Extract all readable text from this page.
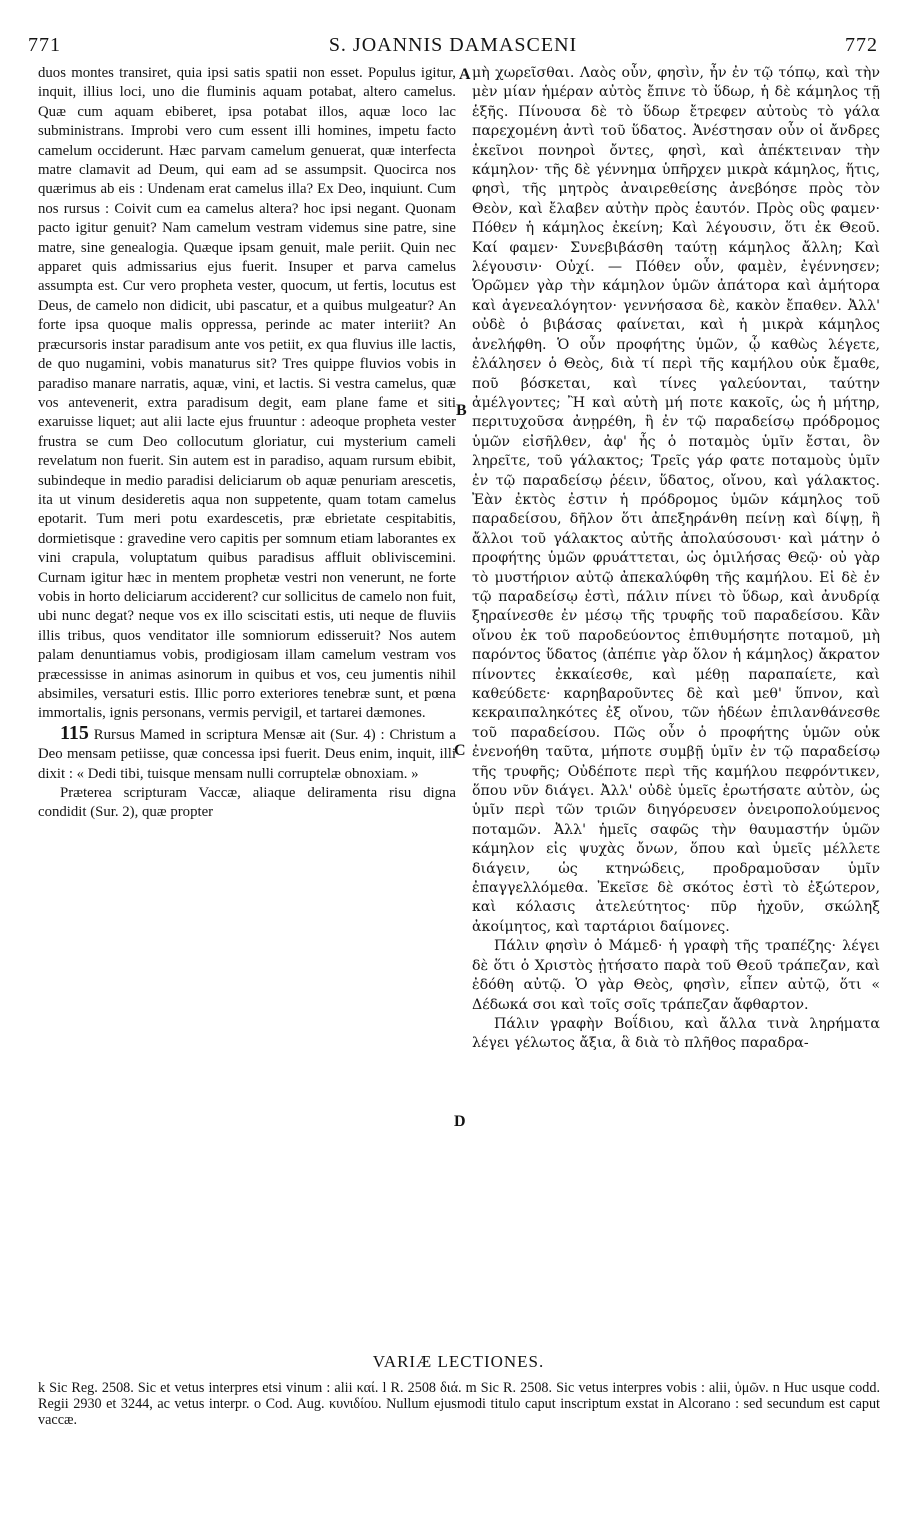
771	S. JOANNIS DAMASCENI	772
A
B
C
D

duos montes transiret, quia ipsi satis spatii non esset. Populus igitur, inquit, illius loci, uno die fluminis aquam potabat, altero camelus. Quæ cum aquam ebiberet, ipsa potabat illos, aquæ loco lac subministrans. Improbi vero cum essent illi homines, impetu facto camelum occiderunt. Hæc parvam camelum genuerat, quæ interfecta matre clamavit ad Deum, qui eam ad se assumpsit. Quocirca nos quærimus ab eis : Undenam erat camelus illa? Ex Deo, inquiunt. Cum nos rursus : Coivit cum ea camelus altera? hoc ipsi negant. Quonam pacto igitur genuit? Nam camelum vestram videmus sine patre, sine matre, sine genealogia. Quæque ipsam genuit, male periit. Quin nec apparet quis admissarius ejus fuerit. Insuper et parva camelus assumpta est. Cur vero propheta vester, quocum, ut fertis, locutus est Deus, de camelo non didicit, ubi pascatur, et a quibus mulgeatur? An forte ipsa quoque malis oppressa, perinde ac mater interiit? An præcursoris instar paradisum ante vos petiit, ex qua fluvius ille lactis, de quo nugamini, vobis manaturus sit? Tres quippe fluvios vobis in paradiso manare narratis, aquæ, vini, et lactis. Si vestra camelus, quæ vos antevenerit, extra paradisum degit, eam plane fame et siti exaruisse liquet; aut alii lacte ejus fruuntur : adeoque propheta vester frustra se cum Deo collocutum gloriatur, cui mysterium cameli revelatum non fuerit. Sin autem est in paradiso, aquam rursum ebibit, subindeque in medio paradisi deliciarum ob aquæ penuriam arescetis, ita ut vinum desideretis aqua non suppetente, quam totam camelus epotarit. Tum meri potu exardescetis, præ ebrietate cespitabitis, dormietisque : gravedine vero capitis per somnum etiam laborantes ex vini crapula, voluptatum quibus paradisus affluit obliviscemini. Curnam igitur hæc in mentem prophetæ vestri non venerunt, ne forte vobis in horto deliciarum acciderent? cur sollicitus de camelo non fuit, ubi nunc degat? neque vos ex illo sciscitati estis, uti neque de fluviis illis tribus, quos venditator ille somniorum edisseruit? Nos autem palam denuntiamus vobis, prodigiosam illam camelum vestram vos præcessisse in animas asinorum in quibus et vos, ceu jumentis nihil absimiles, versaturi estis. Illic porro exteriores tenebræ sunt, et pœna immortalis, ignis personans, vermis pervigil, et tartarei dæmones.

115 Rursus Mamed in scriptura Mensæ ait (Sur. 4) : Christum a Deo mensam petiisse, quæ concessa ipsi fuerit. Deus enim, inquit, illi dixit : « Dedi tibi, tuisque mensam nulli corruptelæ obnoxiam. »

Præterea scripturam Vaccæ, aliaque deliramenta risu digna condidit (Sur. 2), quæ propter

μὴ χωρεῖσθαι. Λαὸς οὖν, φησὶν, ἦν ἐν τῷ τόπῳ, καὶ τὴν μὲν μίαν ἡμέραν αὐτὸς ἔπινε τὸ ὕδωρ, ἡ δὲ κάμηλος τῇ ἑξῆς. Πίνουσα δὲ τὸ ὕδωρ ἔτρεφεν αὐτοὺς τὸ γάλα παρεχομένη ἀντὶ τοῦ ὕδατος. Ἀνέστησαν οὖν οἱ ἄνδρες ἐκεῖνοι πονηροὶ ὄντες, φησὶ, καὶ ἀπέκτειναν τὴν κάμηλον· τῆς δὲ γέννημα ὑπῆρχεν μικρὰ κάμηλος, ἥτις, φησὶ, τῆς μητρὸς ἀναιρεθείσης ἀνεβόησε πρὸς τὸν Θεὸν, καὶ ἔλαβεν αὐτὴν πρὸς ἑαυτόν. Πρὸς οὓς φαμεν· Πόθεν ἡ κάμηλος ἐκείνη; Καὶ λέγουσιν, ὅτι ἐκ Θεοῦ. Καί φαμεν· Συνεβιβάσθη ταύτῃ κάμηλος ἄλλη; Καὶ λέγουσιν· Οὐχί. — Πόθεν οὖν, φαμὲν, ἐγέννησεν; Ὁρῶμεν γὰρ τὴν κάμηλον ὑμῶν ἀπάτορα καὶ ἀμήτορα καὶ ἀγενεαλόγητον· γεννήσασα δὲ, κακὸν ἔπαθεν. Ἀλλ' οὐδὲ ὁ βιβάσας φαίνεται, καὶ ἡ μικρὰ κάμηλος ἀνελήφθη. Ὁ οὖν προφήτης ὑμῶν, ᾧ καθὼς λέγετε, ἐλάλησεν ὁ Θεὸς, διὰ τί περὶ τῆς καμήλου οὐκ ἔμαθε, ποῦ βόσκεται, καὶ τίνες γαλεύονται, ταύτην ἀμέλγοντες; Ἢ καὶ αὐτὴ μή ποτε κακοῖς, ὡς ἡ μήτηρ, περιτυχοῦσα ἀνῃρέθη, ἢ ἐν τῷ παραδείσῳ πρόδρομος ὑμῶν εἰσῆλθεν, ἀφ' ἧς ὁ ποταμὸς ὑμῖν ἔσται, ὃν ληρεῖτε, τοῦ γάλακτος; Τρεῖς γάρ φατε ποταμοὺς ὑμῖν ἐν τῷ παραδείσῳ ῥέειν, ὕδατος, οἴνου, καὶ γάλακτος. Ἐὰν ἐκτὸς ἐστιν ἡ πρόδρομος ὑμῶν κάμηλος τοῦ παραδείσου, δῆλον ὅτι ἀπεξηράνθη πείνῃ καὶ δίψῃ, ἢ ἄλλοι τοῦ γάλακτος αὐτῆς ἀπολαύσουσι· καὶ μάτην ὁ προφήτης ὑμῶν φρυάττεται, ὡς ὁμιλήσας Θεῷ· οὐ γὰρ τὸ μυστήριον αὐτῷ ἀπεκαλύφθη τῆς καμήλου. Εἰ δὲ ἐν τῷ παραδείσῳ ἐστὶ, πάλιν πίνει τὸ ὕδωρ, καὶ ἀνυδρίᾳ ξηραίνεσθε ἐν μέσῳ τῆς τρυφῆς τοῦ παραδείσου. Κἂν οἴνου ἐκ τοῦ παροδεύοντος ἐπιθυμήσητε ποταμοῦ, μὴ παρόντος ὕδατος (ἀπέπιε γὰρ ὅλον ἡ κάμηλος) ἄκρατον πίνοντες ἐκκαίεσθε, καὶ μέθῃ παραπαίετε, καὶ καθεύδετε· καρηβαροῦντες δὲ καὶ μεθ' ὕπνον, καὶ κεκραιπαληκότες ἐξ οἴνου, τῶν ἡδέων ἐπιλανθάνεσθε τοῦ παραδείσου. Πῶς οὖν ὁ προφήτης ὑμῶν οὐκ ἐνενοήθη ταῦτα, μήποτε συμβῇ ὑμῖν ἐν τῷ παραδείσῳ τῆς τρυφῆς; Οὐδέποτε περὶ τῆς καμήλου πεφρόντικεν, ὅπου νῦν διάγει. Ἀλλ' οὐδὲ ὑμεῖς ἐρωτήσατε αὐτὸν, ὡς ὑμῖν περὶ τῶν τριῶν διηγόρευσεν ὀνειροπολούμενος ποταμῶν. Ἀλλ' ἡμεῖς σαφῶς τὴν θαυμαστήν ὑμῶν κάμηλον εἰς ψυχὰς ὄνων, ὅπου καὶ ὑμεῖς μέλλετε διάγειν, ὡς κτηνώδεις, προδραμοῦσαν ὑμῖν ἐπαγγελλόμεθα. Ἐκεῖσε δὲ σκότος ἐστὶ τὸ ἐξώτερον, καὶ κόλασις ἀτελεύτητος· πῦρ ἠχοῦν, σκώληξ ἀκοίμητος, καὶ ταρτάριοι δαίμονες.

Πάλιν φησὶν ὁ Μάμεδ· ἡ γραφὴ τῆς τραπέζης· λέγει δὲ ὅτι ὁ Χριστὸς ᾐτήσατο παρὰ τοῦ Θεοῦ τράπεζαν, καὶ ἐδόθη αὐτῷ. Ὁ γὰρ Θεὸς, φησὶν, εἶπεν αὐτῷ, ὅτι « Δέδωκά σοι καὶ τοῖς σοῖς τράπεζαν ἄφθαρτον.

Πάλιν γραφὴν Βοΐδιου, καὶ ἄλλα τινὰ ληρήματα λέγει γέλωτος ἄξια, ἃ διὰ τὸ πλῆθος παραδρα-

VARIÆ LECTIONES.

k Sic Reg. 2508. Sic et vetus interpres etsi vinum : alii καί. l R. 2508 διά. m Sic R. 2508. Sic vetus interpres vobis : alii, ὑμῶν. n Huc usque codd. Regii 2930 et 3244, ac vetus interpr. o Cod. Aug. κυνιδίου. Nullum ejusmodi titulo caput inscriptum exstat in Alcorano : sed secundum est caput vaccæ.
